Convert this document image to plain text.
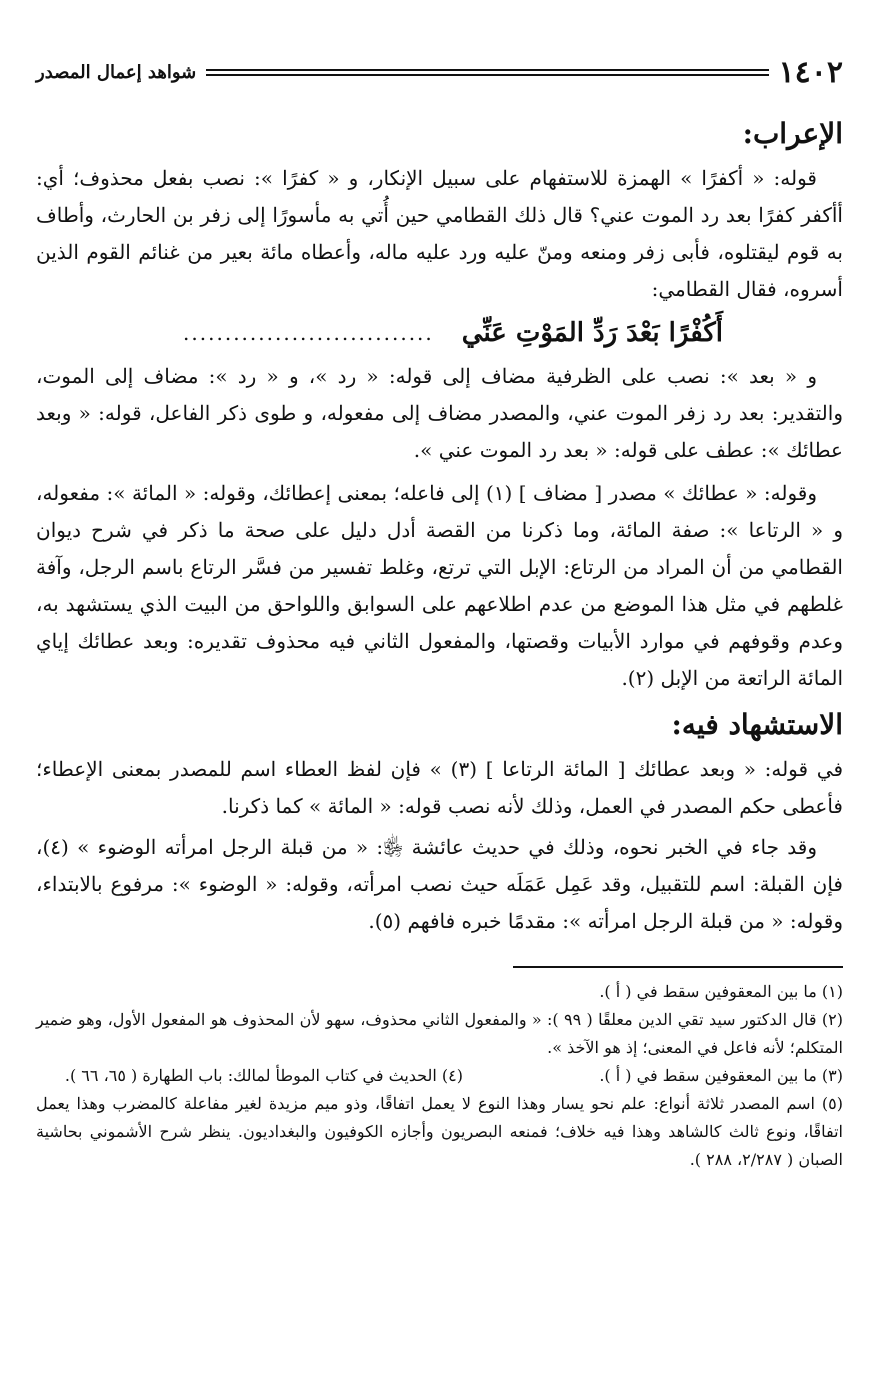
١٤٠٢
شواهد إعمال المصدر
الإعراب:

قوله: « أكفرًا » الهمزة للاستفهام على سبيل الإنكار، و « كفرًا »: نصب بفعل محذوف؛ أي: أأكفر كفرًا بعد رد الموت عني؟ قال ذلك القطامي حين أُتي به مأسورًا إلى زفر بن الحارث، وأطاف به قوم ليقتلوه، فأبى زفر ومنعه ومنّ عليه ورد عليه ماله، وأعطاه مائة بعير من غنائم القوم الذين أسروه، فقال القطامي:

أَكُفْرًا بَعْدَ رَدِّ المَوْتِ عَنِّي
..............................

و « بعد »: نصب على الظرفية مضاف إلى قوله: « رد »، و « رد »: مضاف إلى الموت، والتقدير: بعد رد زفر الموت عني، والمصدر مضاف إلى مفعوله، و طوى ذكر الفاعل، قوله: « وبعد عطائك »: عطف على قوله: « بعد رد الموت عني ».

وقوله: « عطائك » مصدر [ مضاف ] (١) إلى فاعله؛ بمعنى إعطائك، وقوله: « المائة »: مفعوله، و « الرتاعا »: صفة المائة، وما ذكرنا من القصة أدل دليل على صحة ما ذكر في شرح ديوان القطامي من أن المراد من الرتاع: الإبل التي ترتع، وغلط تفسير من فسَّر الرتاع باسم الرجل، وآفة غلطهم في مثل هذا الموضع من عدم اطلاعهم على السوابق واللواحق من البيت الذي يستشهد به، وعدم وقوفهم في موارد الأبيات وقصتها، والمفعول الثاني فيه محذوف تقديره: وبعد عطائك إياي المائة الراتعة من الإبل (٢).

الاستشهاد فيه:

في قوله: « وبعد عطائك [ المائة الرتاعا ] (٣) » فإن لفظ العطاء اسم للمصدر بمعنى الإعطاء؛ فأعطى حكم المصدر في العمل، وذلك لأنه نصب قوله: « المائة » كما ذكرنا.

وقد جاء في الخبر نحوه، وذلك في حديث عائشة ﵂: « من قبلة الرجل امرأته الوضوء » (٤)، فإن القبلة: اسم للتقبيل، وقد عَمِل عَمَلَه حيث نصب امرأته، وقوله: « الوضوء »: مرفوع بالابتداء، وقوله: « من قبلة الرجل امرأته »: مقدمًا خبره فافهم (٥).

(١) ما بين المعقوفين سقط في ( أ ).

(٢) قال الدكتور سيد تقي الدين معلقًا ( ٩٩ ): « والمفعول الثاني محذوف، سهو لأن المحذوف هو المفعول الأول، وهو ضمير المتكلم؛ لأنه فاعل في المعنى؛ إذ هو الآخذ ».

(٣) ما بين المعقوفين سقط في ( أ ).
(٤) الحديث في كتاب الموطأ لمالك: باب الطهارة ( ٦٥، ٦٦ ).

(٥) اسم المصدر ثلاثة أنواع: علم نحو يسار وهذا النوع لا يعمل اتفاقًا، وذو ميم مزيدة لغير مفاعلة كالمضرب وهذا يعمل اتفاقًا، ونوع ثالث كالشاهد وهذا فيه خلاف؛ فمنعه البصريون وأجازه الكوفيون والبغداديون. ينظر شرح الأشموني بحاشية الصبان ( ٢/٢٨٧، ٢٨٨ ).
